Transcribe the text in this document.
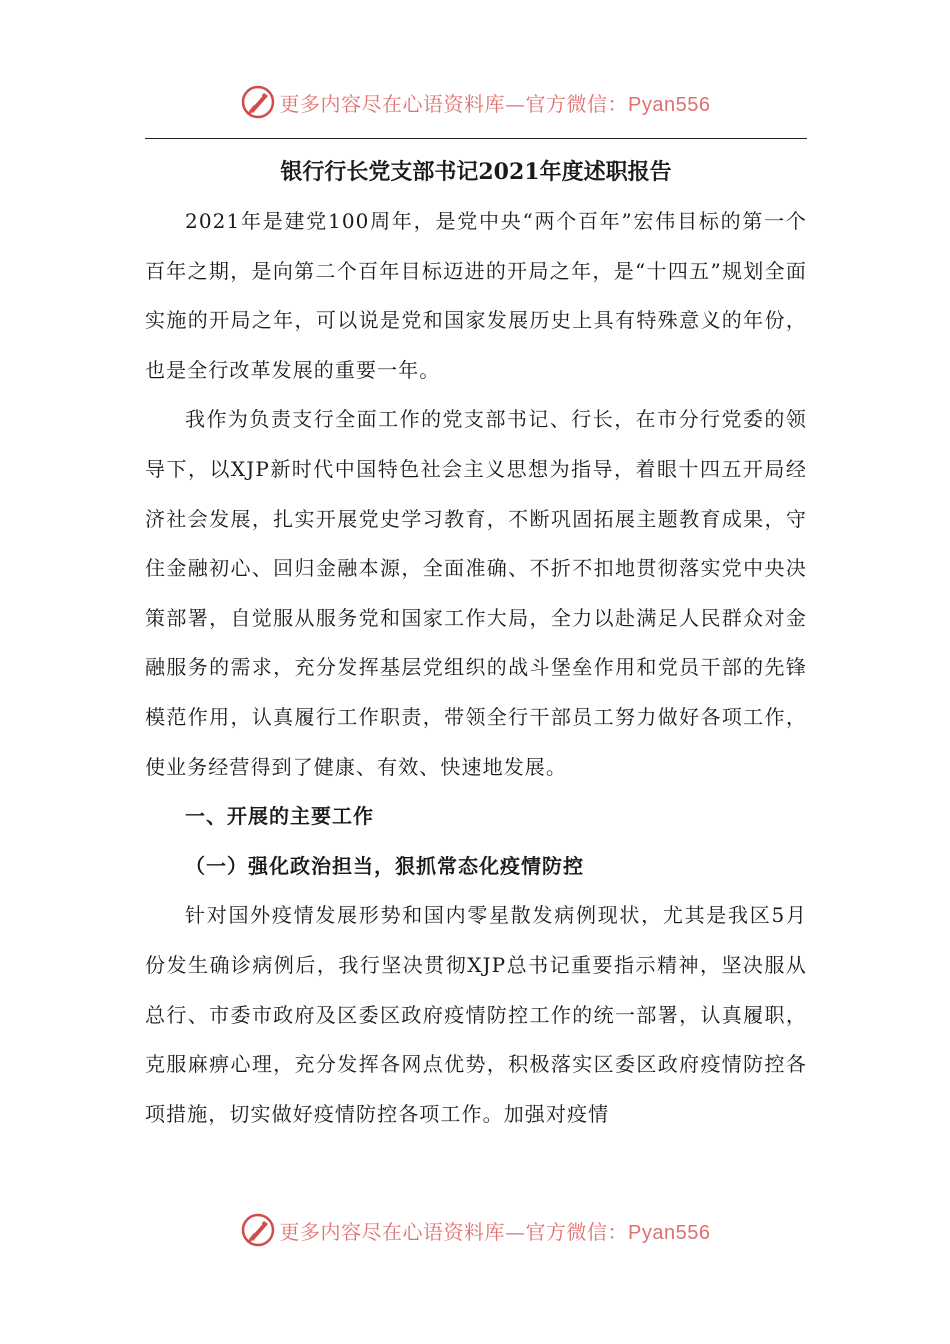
更多内容尽在心语资料库—官方微信：Pyan556
银行行长党支部书记2021年度述职报告

2021年是建党100周年，是党中央“两个百年”宏伟目标的第一个百年之期，是向第二个百年目标迈进的开局之年，是“十四五”规划全面实施的开局之年，可以说是党和国家发展历史上具有特殊意义的年份，也是全行改革发展的重要一年。

我作为负责支行全面工作的党支部书记、行长，在市分行党委的领导下，以XJP新时代中国特色社会主义思想为指导，着眼十四五开局经济社会发展，扎实开展党史学习教育，不断巩固拓展主题教育成果，守住金融初心、回归金融本源，全面准确、不折不扣地贯彻落实党中央决策部署，自觉服从服务党和国家工作大局，全力以赴满足人民群众对金融服务的需求，充分发挥基层党组织的战斗堡垒作用和党员干部的先锋模范作用，认真履行工作职责，带领全行干部员工努力做好各项工作，使业务经营得到了健康、有效、快速地发展。

一、开展的主要工作
（一）强化政治担当，狠抓常态化疫情防控

针对国外疫情发展形势和国内零星散发病例现状，尤其是我区5月份发生确诊病例后，我行坚决贯彻XJP总书记重要指示精神，坚决服从总行、市委市政府及区委区政府疫情防控工作的统一部署，认真履职，克服麻痹心理，充分发挥各网点优势，积极落实区委区政府疫情防控各项措施，切实做好疫情防控各项工作。加强对疫情

更多内容尽在心语资料库—官方微信：Pyan556
